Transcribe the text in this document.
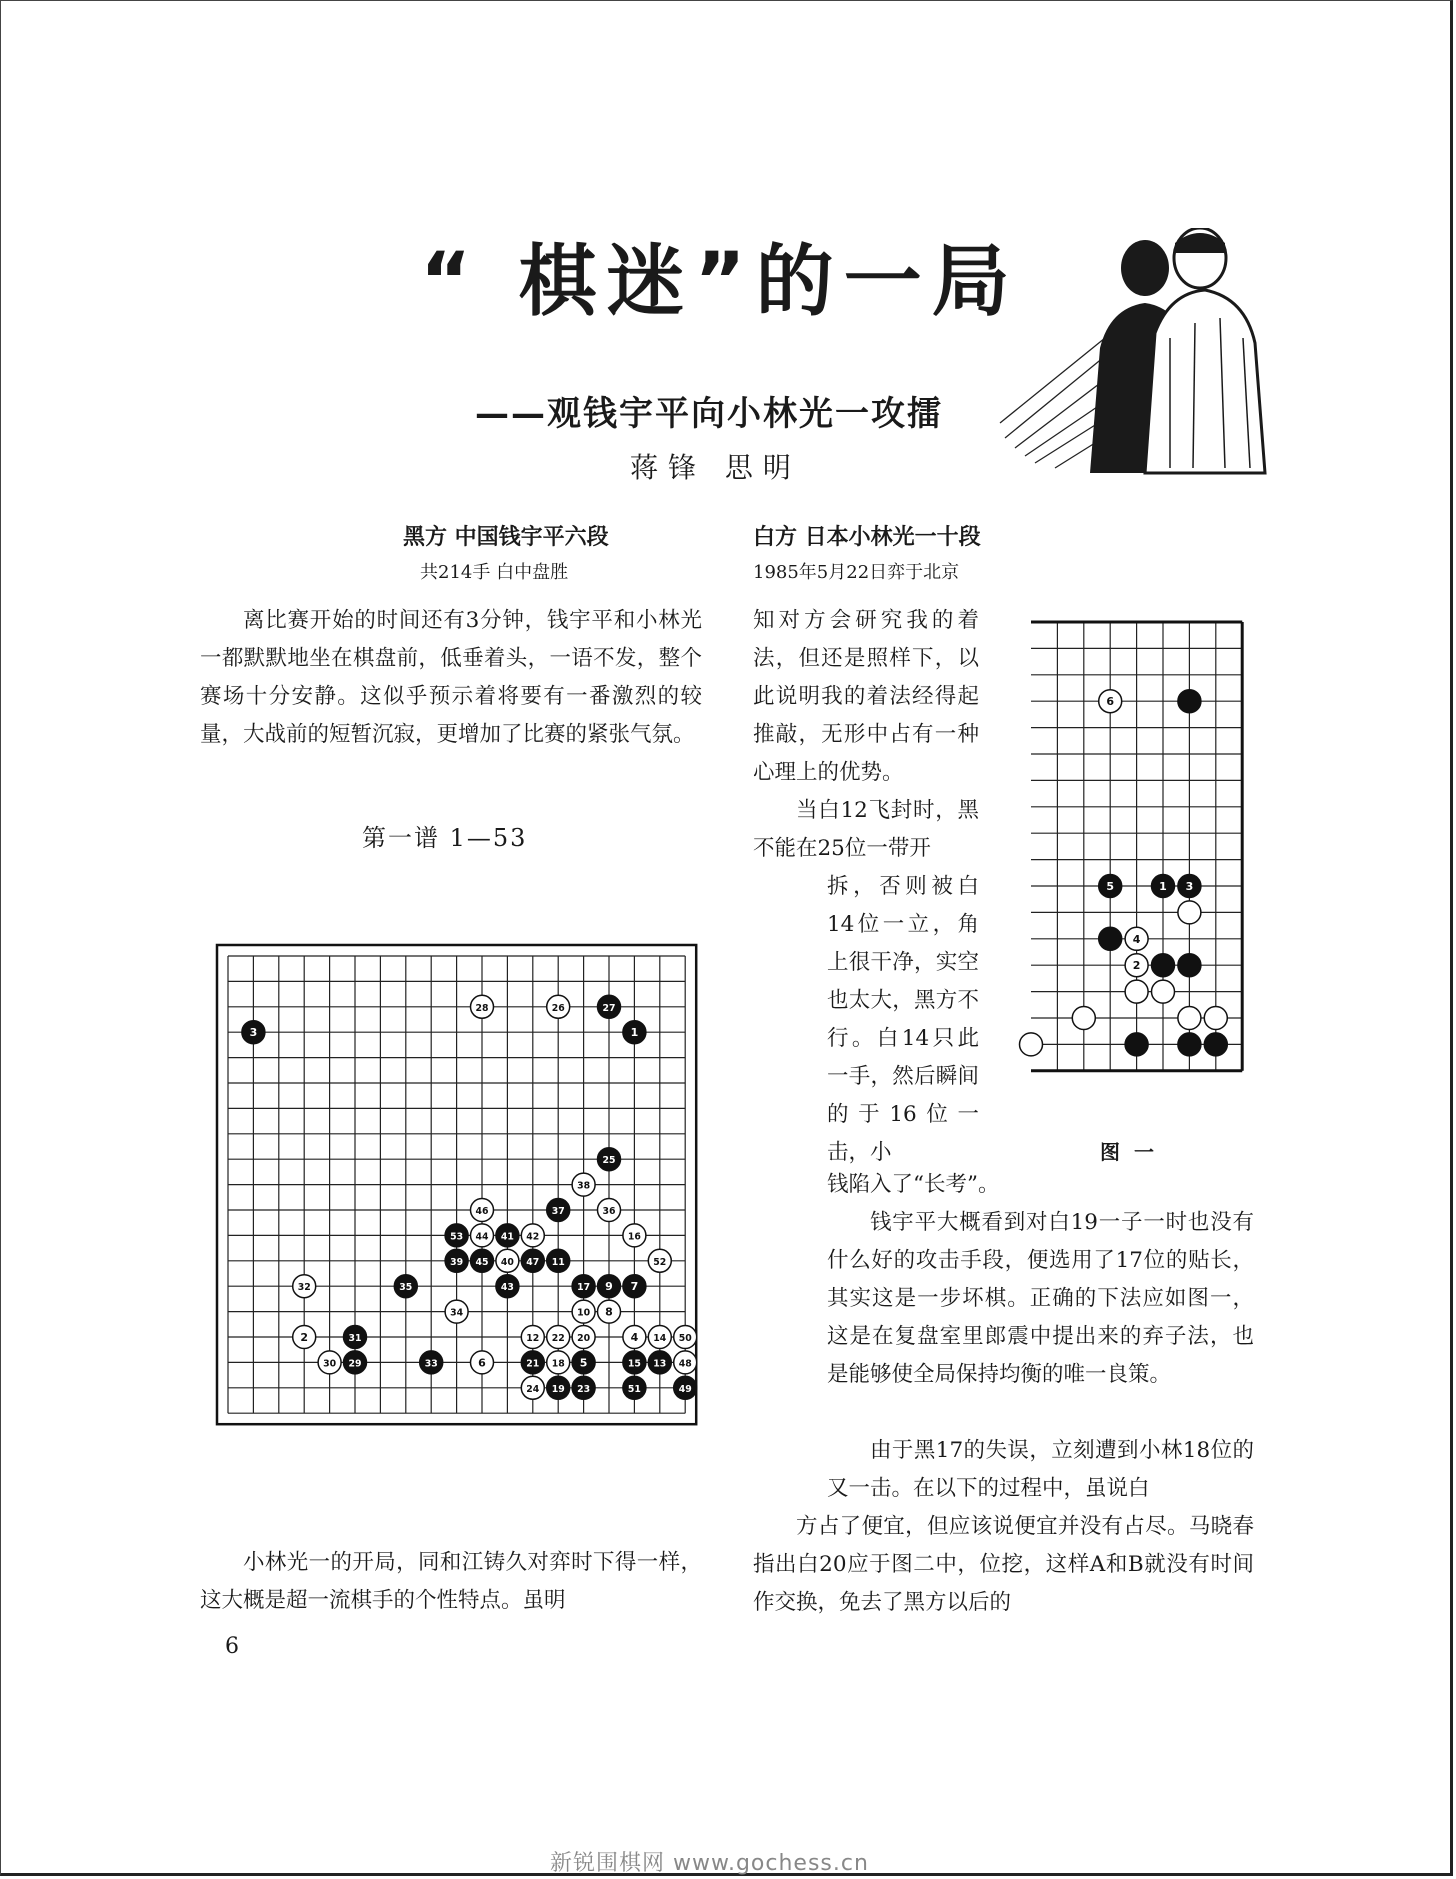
“ 棋迷”的一局
——观钱宇平向小林光一攻擂
蒋锋 思明
黑方 中国钱宇平六段
共214手 白中盘胜
白方 日本小林光一十段
1985年5月22日弈于北京

离比赛开始的时间还有3分钟，钱宇平和小林光一都默默地坐在棋盘前，低垂着头，一语不发，整个赛场十分安静。这似乎预示着将要有一番激烈的较量，大战前的短暂沉寂，更增加了比赛的紧张气氛。

第一谱 1—53
3
28	26	27
1
25
38
46	37	36
53 44 41 42	16
39 45 40 47 11	52
32	35	43	17 9 7
34	10 8
2	31	12 22 20	4 14 50
30 29	33	6	21 18 5	15 13 48
24 19 23	51	49

小林光一的开局，同和江铸久对弈时下得一样，这大概是超一流棋手的个性特点。虽明

知对方会研究我的着法，但还是照样下，以此说明我的着法经得起推敲，无形中占有一种心理上的优势。

当白12飞封时，黑不能在25位一带开

拆，否则被白14位一立，角上很干净，实空也太大，黑方不行。白14只此一手，然后瞬间的于16位一击，小

钱陷入了“长考”。

6
5	1 3
4
2
图一

钱宇平大概看到对白19一子一时也没有什么好的攻击手段，便选用了17位的贴长，其实这是一步坏棋。正确的下法应如图一，这是在复盘室里郎震中提出来的弃子法，也是能够使全局保持均衡的唯一良策。

由于黑17的失误，立刻遭到小林18位的又一击。在以下的过程中，虽说白

方占了便宜，但应该说便宜并没有占尽。马晓春指出白20应于图二中，位挖，这样A和B就没有时间作交换，免去了黑方以后的

6
新锐围棋网 www.gochess.cn
